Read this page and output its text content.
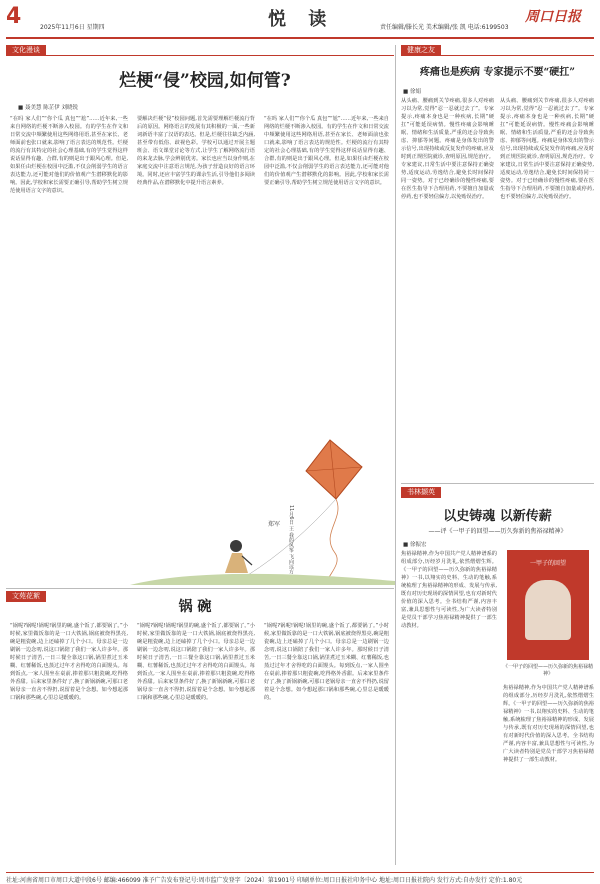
4	2025年11月6日 星期四	悦 读	责任编辑/滕长光 美术编辑/张 凯 电话:6199503
周口日报
文化漫谈
烂梗“侵”校园,如何管?
■ 聂美慧 陈芷伊 刘晓锐
“在吗 家人们”“你个瓜 真包”“尬”……近年来,一些来自网络的烂梗不断渗入校园。有的学生在作文和日常交流中频繁使用这些网络用语,甚至在家长、老师面前也张口就来,影响了语言表达的规范性。烂梗的流行有其特定的社会心理基础,有的学生觉得这样说话显得有趣、合群,有的则是出于跟风心理。但是,如果任由烂梗在校园中泛滥,不仅会削弱学生的语言表达能力,还可能对他们的价值观产生潜移默化的影响。因此,学校和家长需要正确引导,帮助学生树立规范使用语言文字的意识。
要解决烂梗“侵”校园问题,首先需要理解烂梗流行背后的原因。网络语言的发展有其积极的一面,一些新词新语丰富了汉语的表达。但是,烂梗往往缺乏内涵,甚至带有低俗、歧视色彩。学校可以通过开展主题班会、语文课堂讨论等方式,让学生了解网络流行语的来龙去脉,学会辨别优劣。家长也应当以身作则,在家庭交流中注意语言规范,为孩子营造良好的语言环境。同时,还应丰富学生的课余生活,引导他们多阅读经典作品,在潜移默化中提升语言素养。
“在吗 家人们”“你个瓜 真包”“尬”……近年来,一些来自网络的烂梗不断渗入校园。有的学生在作文和日常交流中频繁使用这些网络用语,甚至在家长、老师面前也张口就来,影响了语言表达的规范性。烂梗的流行有其特定的社会心理基础,有的学生觉得这样说话显得有趣、合群,有的则是出于跟风心理。但是,如果任由烂梗在校园中泛滥,不仅会削弱学生的语言表达能力,还可能对他们的价值观产生潜移默化的影响。因此,学校和家长需要正确引导,帮助学生树立规范使用语言文字的意识。
11月6日 王 我的风筝 飞向远方
郑军
文苑花絮
锅 碗
“锅呢?锅呢!锅呢!锅里的碗,盛个饭了,都要锅了。”小时候,家里做饭靠的是一口大铁锅,锅底被烧得黑亮,碗是粗瓷碗,边上还磕掉了几个小口。母亲总是一边刷锅一边念叨,说这口锅陪了我们一家人许多年。那时候日子清苦,一日三餐全靠这口锅,锅里煮过玉米糊、红薯稀饭,也蒸过过年才舍得吃的白面馒头。每到饭点,一家人围坐在桌前,捧着那只粗瓷碗,吃得格外香甜。后来家里条件好了,换了新锅新碗,可那口老锅母亲一直舍不得扔,说留着是个念想。如今想起那口锅和那些碗,心里总是暖暖的。
“锅呢?锅呢!锅呢!锅里的碗,盛个饭了,都要锅了。”小时候,家里做饭靠的是一口大铁锅,锅底被烧得黑亮,碗是粗瓷碗,边上还磕掉了几个小口。母亲总是一边刷锅一边念叨,说这口锅陪了我们一家人许多年。那时候日子清苦,一日三餐全靠这口锅,锅里煮过玉米糊、红薯稀饭,也蒸过过年才舍得吃的白面馒头。每到饭点,一家人围坐在桌前,捧着那只粗瓷碗,吃得格外香甜。后来家里条件好了,换了新锅新碗,可那口老锅母亲一直舍不得扔,说留着是个念想。如今想起那口锅和那些碗,心里总是暖暖的。
“锅呢?锅呢!锅呢!锅里的碗,盛个饭了,都要锅了。”小时候,家里做饭靠的是一口大铁锅,锅底被烧得黑亮,碗是粗瓷碗,边上还磕掉了几个小口。母亲总是一边刷锅一边念叨,说这口锅陪了我们一家人许多年。那时候日子清苦,一日三餐全靠这口锅,锅里煮过玉米糊、红薯稀饭,也蒸过过年才舍得吃的白面馒头。每到饭点,一家人围坐在桌前,捧着那只粗瓷碗,吃得格外香甜。后来家里条件好了,换了新锅新碗,可那口老锅母亲一直舍不得扔,说留着是个念想。如今想起那口锅和那些碗,心里总是暖暖的。
健康之友
疼痛也是疾病 专家提示不要“硬扛”
■ 徐娟
从头痛、腰痛到关节疼痛,很多人对疼痛习以为常,觉得“忍一忍就过去了”。专家提示,疼痛本身也是一种疾病,长期“硬扛”可能延误病情。慢性疼痛会影响睡眠、情绪和生活质量,严重的还会导致焦虑、抑郁等问题。疼痛是身体发出的警示信号,出现持续或反复发作的疼痛,应及时到正规医院就诊,查明原因,规范治疗。专家建议,日常生活中要注意保持正确姿势,适度运动,劳逸结合,避免长时间保持同一姿势。对于已经确诊的慢性疼痛,要在医生指导下合理用药,不要擅自加量或停药,也不要轻信偏方,以免贻误治疗。
从头痛、腰痛到关节疼痛,很多人对疼痛习以为常,觉得“忍一忍就过去了”。专家提示,疼痛本身也是一种疾病,长期“硬扛”可能延误病情。慢性疼痛会影响睡眠、情绪和生活质量,严重的还会导致焦虑、抑郁等问题。疼痛是身体发出的警示信号,出现持续或反复发作的疼痛,应及时到正规医院就诊,查明原因,规范治疗。专家建议,日常生活中要注意保持正确姿势,适度运动,劳逸结合,避免长时间保持同一姿势。对于已经确诊的慢性疼痛,要在医生指导下合理用药,不要擅自加量或停药,也不要轻信偏方,以免贻误治疗。
书林撷英
以史铸魂 以新传薪
——评《一甲子的回望——历久弥新的焦裕禄精神》
■ 徐振宏
焦裕禄精神,作为中国共产党人精神谱系的组成部分,历经岁月洗礼,依然熠熠生辉。《一甲子的回望——历久弥新的焦裕禄精神》一书,以翔实的史料、生动的笔触,系统梳理了焦裕禄精神的形成、发展与传承,既有对历史现场的深情回望,也有对新时代价值的深入思考。全书结构严谨,内容丰富,兼具思想性与可读性,为广大读者特别是党员干部学习焦裕禄精神提供了一部生动教材。
一甲子的回望
《一甲子的回望——历久弥新的焦裕禄精神》
焦裕禄精神,作为中国共产党人精神谱系的组成部分,历经岁月洗礼,依然熠熠生辉。《一甲子的回望——历久弥新的焦裕禄精神》一书,以翔实的史料、生动的笔触,系统梳理了焦裕禄精神的形成、发展与传承,既有对历史现场的深情回望,也有对新时代价值的深入思考。全书结构严谨,内容丰富,兼具思想性与可读性,为广大读者特别是党员干部学习焦裕禄精神提供了一部生动教材。
社址:河南省周口市周口大道中段6号 邮编:466099 准予广告发布登记号:周市监广发登字〔2024〕第1901号 印刷单位:周口日报社印务中心 地址:周口日报社院内 发行方式:自办发行 定价:1.80元
